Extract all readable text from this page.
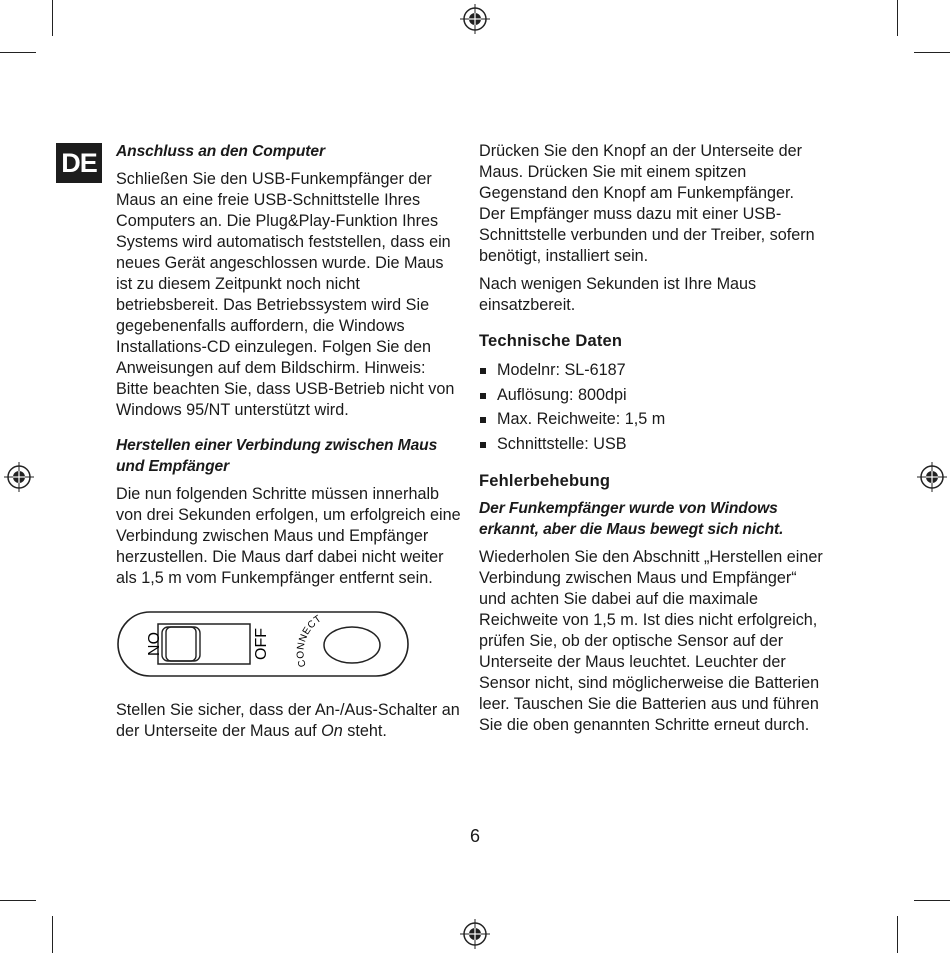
DE	Anschluss an den Computer

Schließen Sie den USB-Funkempfänger der Maus an eine freie USB-Schnittstelle Ihres Computers an. Die Plug&Play-Funktion Ihres Systems wird automatisch feststellen, dass ein neues Gerät angeschlossen wurde. Die Maus ist zu diesem Zeitpunkt noch nicht betriebsbereit. Das Betriebssystem wird Sie gegebenenfalls auffordern, die Windows Installations-CD einzulegen. Folgen Sie den Anweisungen auf dem Bildschirm. Hinweis: Bitte beachten Sie, dass USB-Betrieb nicht von Windows 95/NT unterstützt wird.

Herstellen einer Verbindung zwischen Maus und Empfänger

Die nun folgenden Schritte müssen innerhalb von drei Sekunden erfolgen, um erfolgreich eine Verbindung zwischen Maus und Empfänger herzustellen. Die Maus darf dabei nicht weiter als 1,5 m vom Funkempfänger entfernt sein.

ON	OFF
CONNECT

Stellen Sie sicher, dass der An-/Aus-Schalter an der Unterseite der Maus auf On steht.

Drücken Sie den Knopf an der Unterseite der Maus. Drücken Sie mit einem spitzen Gegenstand den Knopf am Funkempfänger. Der Empfänger muss dazu mit einer USB-Schnittstelle verbunden und der Treiber, sofern benötigt, installiert sein.

Nach wenigen Sekunden ist Ihre Maus einsatzbereit.

Technische Daten
Modelnr: SL-6187
Auflösung: 800dpi
Max. Reichweite: 1,5 m
Schnittstelle: USB
Fehlerbehebung
Der Funkempfänger wurde von Windows erkannt, aber die Maus bewegt sich nicht.

Wiederholen Sie den Abschnitt „Herstellen einer Verbindung zwischen Maus und Empfänger“ und achten Sie dabei auf die maximale Reichweite von 1,5 m. Ist dies nicht erfolgreich, prüfen Sie, ob der optische Sensor auf der Unterseite der Maus leuchtet. Leuchter der Sensor nicht, sind möglicherweise die Batterien leer. Tauschen Sie die Batterien aus und führen Sie die oben genannten Schritte erneut durch.

6
